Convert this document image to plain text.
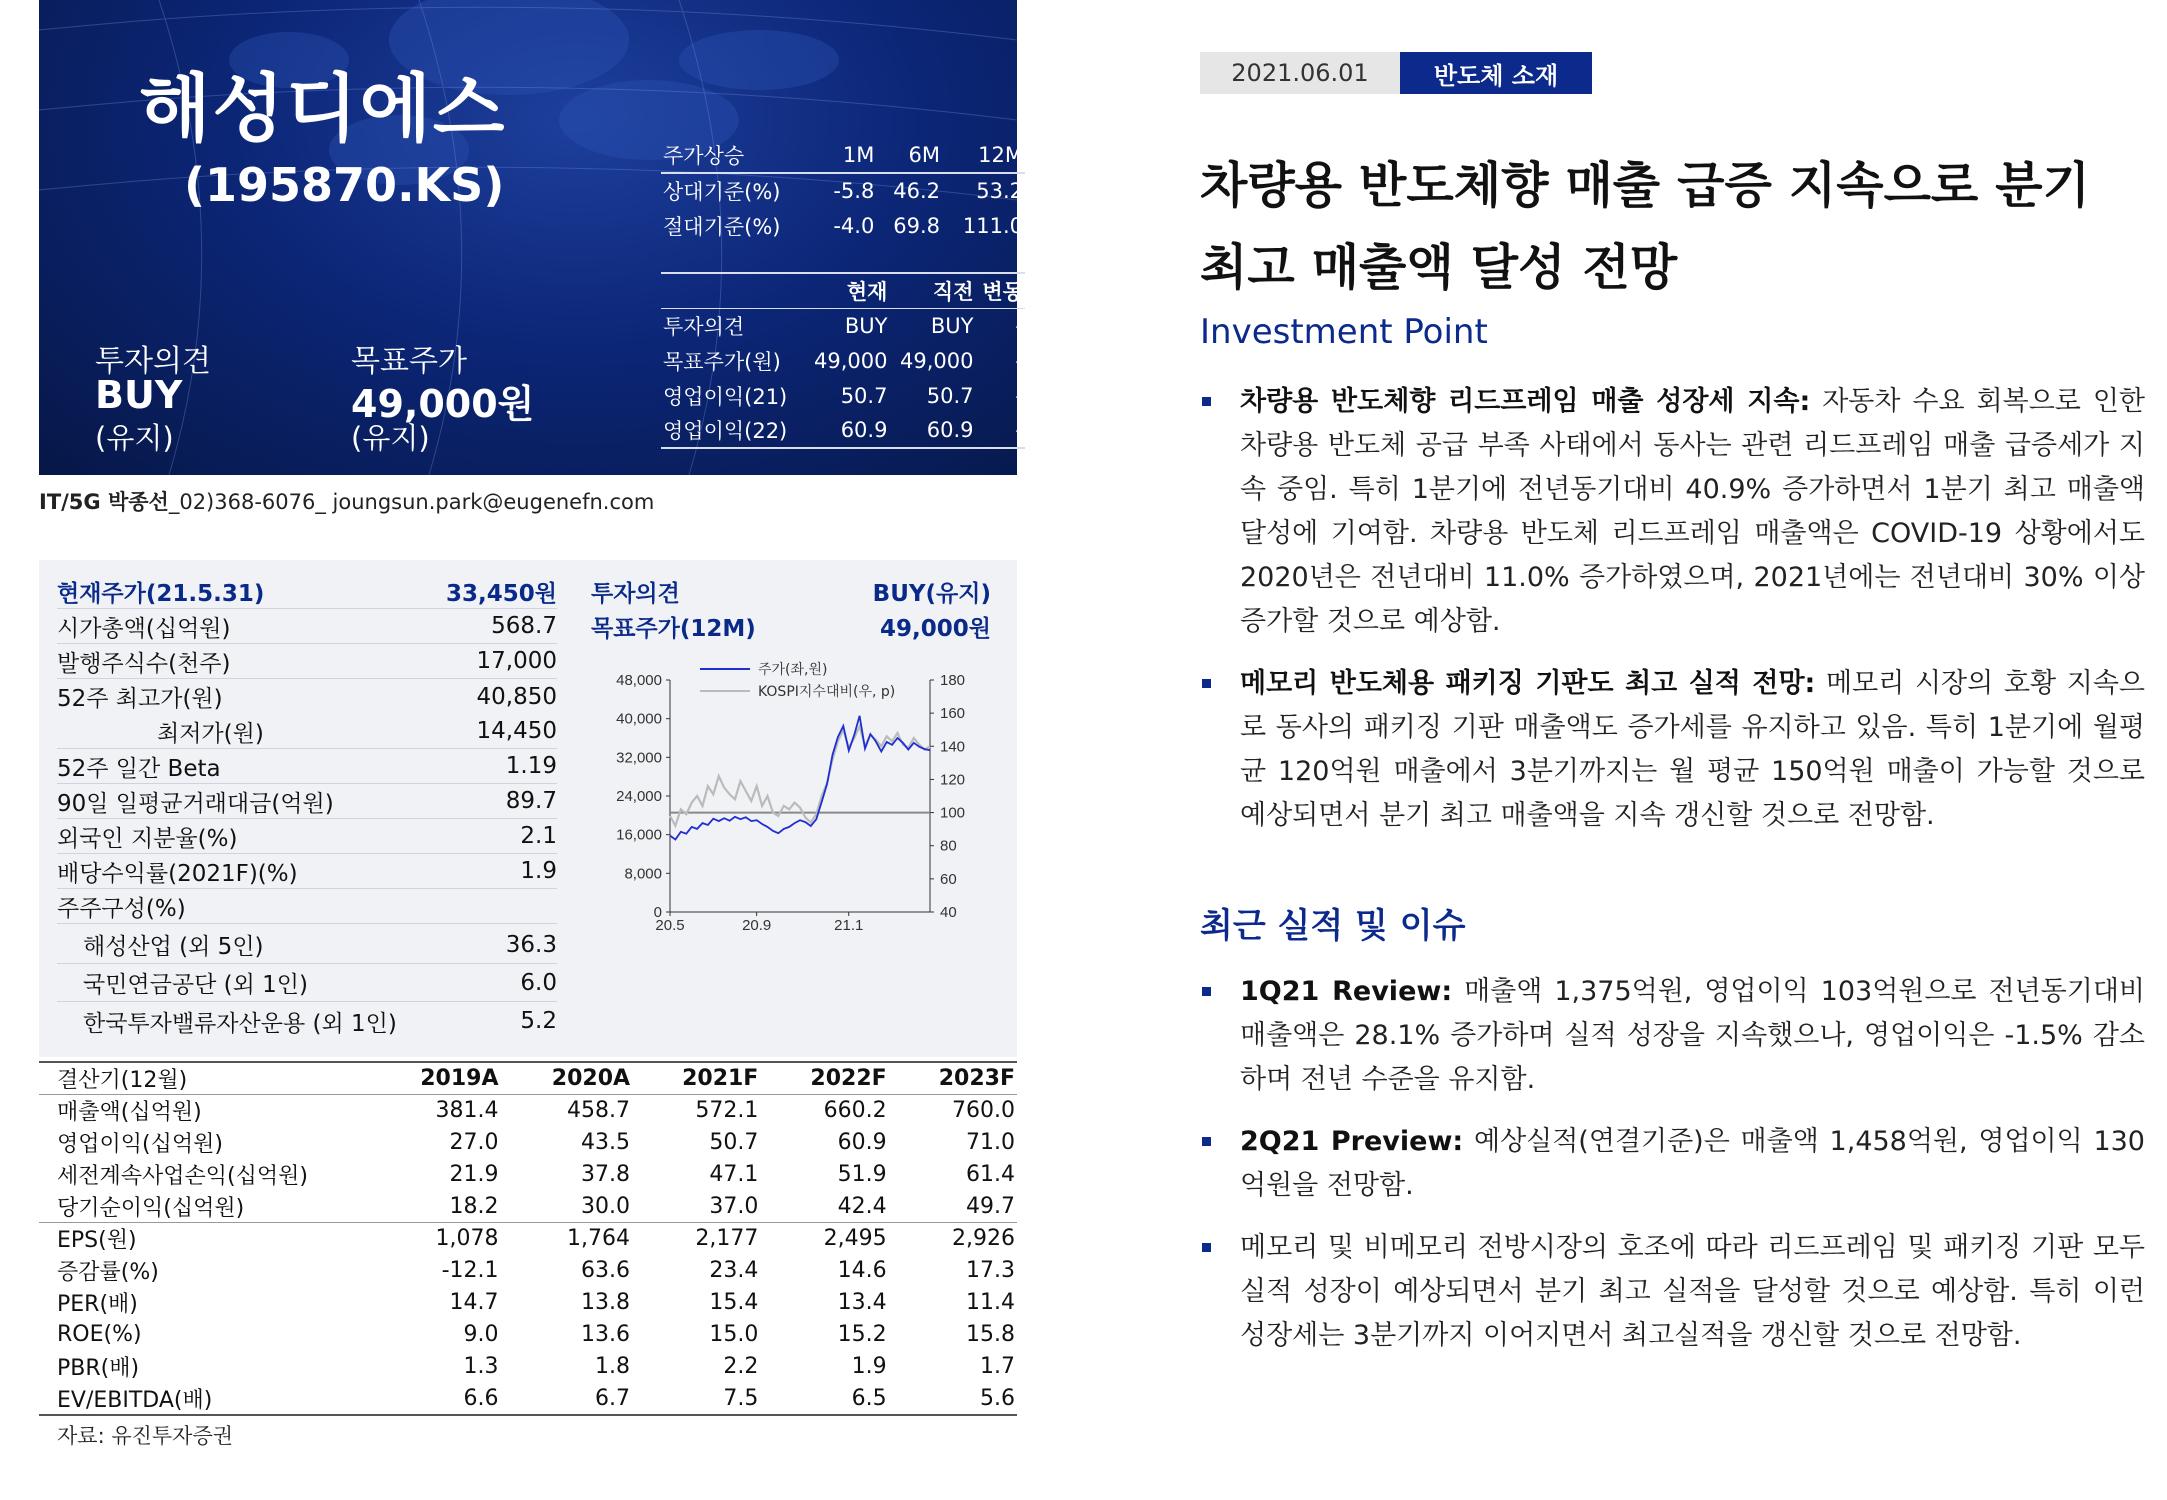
해성디에스
(195870.KS)
투자의견
BUY
(유지)
목표주가
49,000원
(유지)
주가상승	1M	6M	12M
상대기준(%)	-5.8	46.2	53.2
절대기준(%)	-4.0	69.8	111.0
	현재	직전	변동
투자의견	BUY	BUY	-
목표주가(원)	49,000	49,000	-
영업이익(21)	50.7	50.7	-
영업이익(22)	60.9	60.9	-
IT/5G 박종선_02)368-6076_ joungsun.park@eugenefn.com
현재주가(21.5.31)	33,450원
시가총액(십억원)	568.7
발행주식수(천주)	17,000
52주 최고가(원)	40,850
최저가(원)	14,450
52주 일간 Beta	1.19
90일 일평균거래대금(억원)	89.7
외국인 지분율(%)	2.1
배당수익률(2021F)(%)	1.9
주주구성(%)
해성산업 (외 5인)	36.3
국민연금공단 (외 1인)	6.0
한국투자밸류자산운용 (외 1인)	5.2
투자의견	BUY(유지)
목표주가(12M)	49,000원
0
8,000
16,000
24,000
32,000
40,000
48,000
40
60
80
100
120
140
160
180
20.5	20.9	21.1
주가(좌,원)
KOSPI지수대비(우, p)
결산기(12월)	2019A	2020A	2021F	2022F	2023F
매출액(십억원)	381.4	458.7	572.1	660.2	760.0
영업이익(십억원)	27.0	43.5	50.7	60.9	71.0
세전계속사업손익(십억원)	21.9	37.8	47.1	51.9	61.4
당기순이익(십억원)	18.2	30.0	37.0	42.4	49.7
EPS(원)	1,078	1,764	2,177	2,495	2,926
증감률(%)	-12.1	63.6	23.4	14.6	17.3
PER(배)	14.7	13.8	15.4	13.4	11.4
ROE(%)	9.0	13.6	15.0	15.2	15.8
PBR(배)	1.3	1.8	2.2	1.9	1.7
EV/EBITDA(배)	6.6	6.7	7.5	6.5	5.6
자료: 유진투자증권
2021.06.01	반도체 소재
차량용 반도체향 매출 급증 지속으로 분기
최고 매출액 달성 전망
Investment Point
차량용 반도체향 리드프레임 매출 성장세 지속: 자동차 수요 회복으로 인한 차량용 반도체 공급 부족 사태에서 동사는 관련 리드프레임 매출 급증세가 지속 중임. 특히 1분기에 전년동기대비 40.9% 증가하면서 1분기 최고 매출액 달성에 기여함. 차량용 반도체 리드프레임 매출액은 COVID-19 상황에서도 2020년은 전년대비 11.0% 증가하였으며, 2021년에는 전년대비 30% 이상 증가할 것으로 예상함.
메모리 반도체용 패키징 기판도 최고 실적 전망: 메모리 시장의 호황 지속으로 동사의 패키징 기판 매출액도 증가세를 유지하고 있음. 특히 1분기에 월평균 120억원 매출에서 3분기까지는 월 평균 150억원 매출이 가능할 것으로 예상되면서 분기 최고 매출액을 지속 갱신할 것으로 전망함.
최근 실적 및 이슈
1Q21 Review: 매출액 1,375억원, 영업이익 103억원으로 전년동기대비 매출액은 28.1% 증가하며 실적 성장을 지속했으나, 영업이익은 -1.5% 감소하며 전년 수준을 유지함.
2Q21 Preview: 예상실적(연결기준)은 매출액 1,458억원, 영업이익 130억원을 전망함.
메모리 및 비메모리 전방시장의 호조에 따라 리드프레임 및 패키징 기판 모두 실적 성장이 예상되면서 분기 최고 실적을 달성할 것으로 예상함. 특히 이런 성장세는 3분기까지 이어지면서 최고실적을 갱신할 것으로 전망함.
